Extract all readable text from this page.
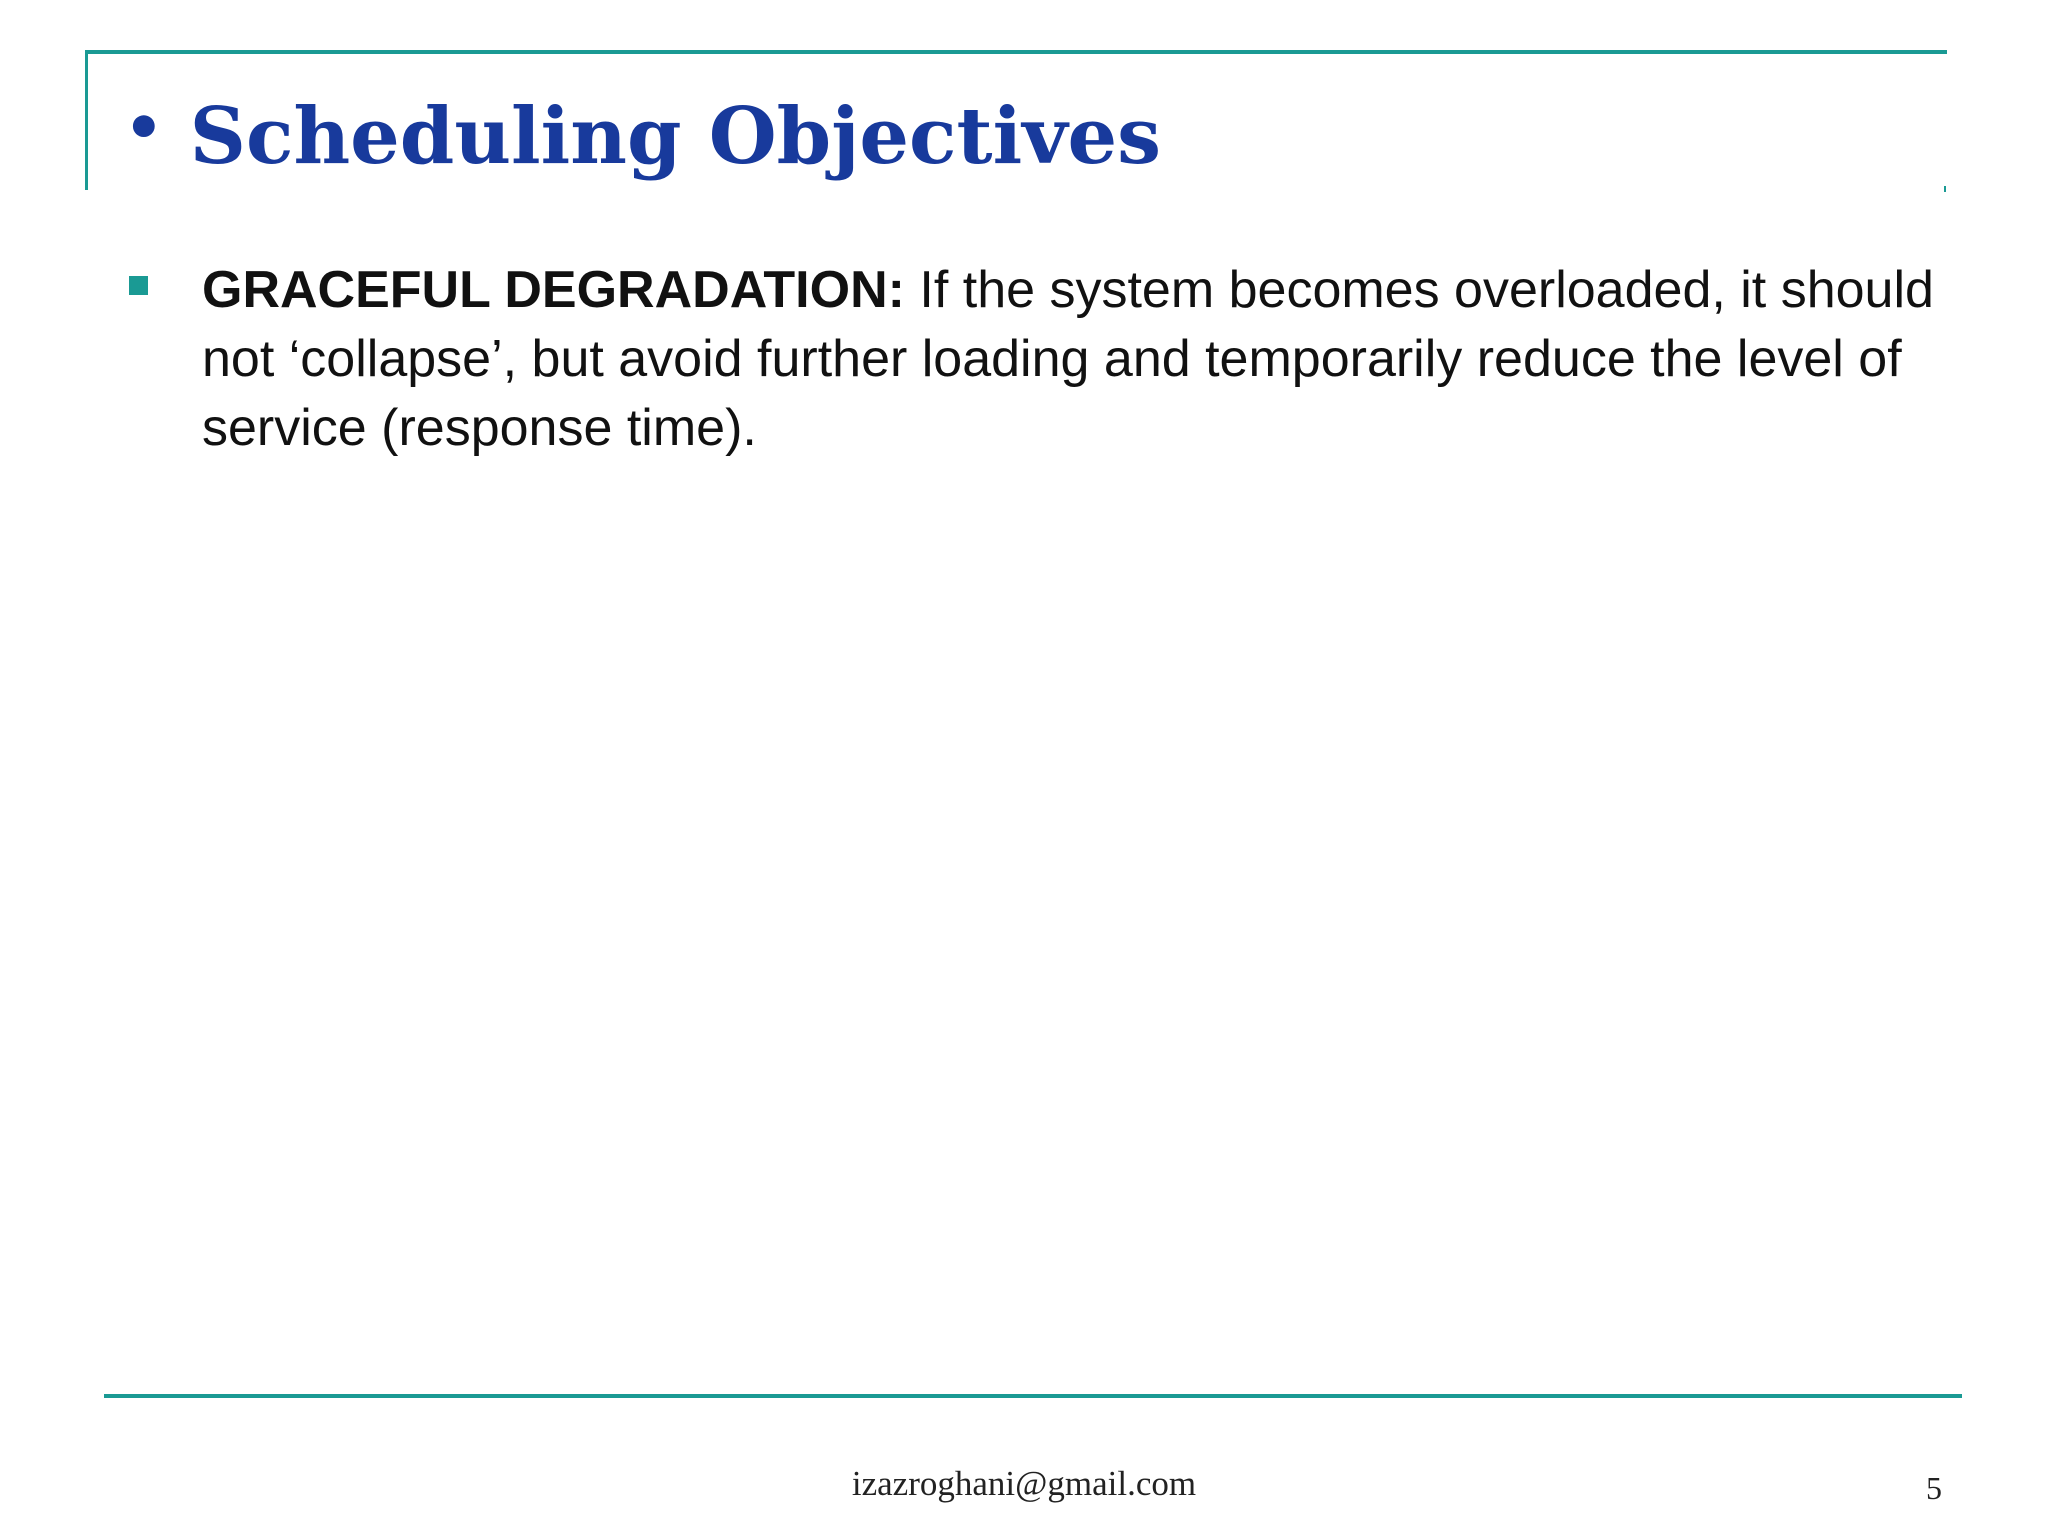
• Scheduling Objectives

GRACEFUL DEGRADATION: If the system becomes overloaded, it should not ‘collapse’, but avoid further loading and temporarily reduce the level of service (response time).

izazroghani@gmail.com	5
